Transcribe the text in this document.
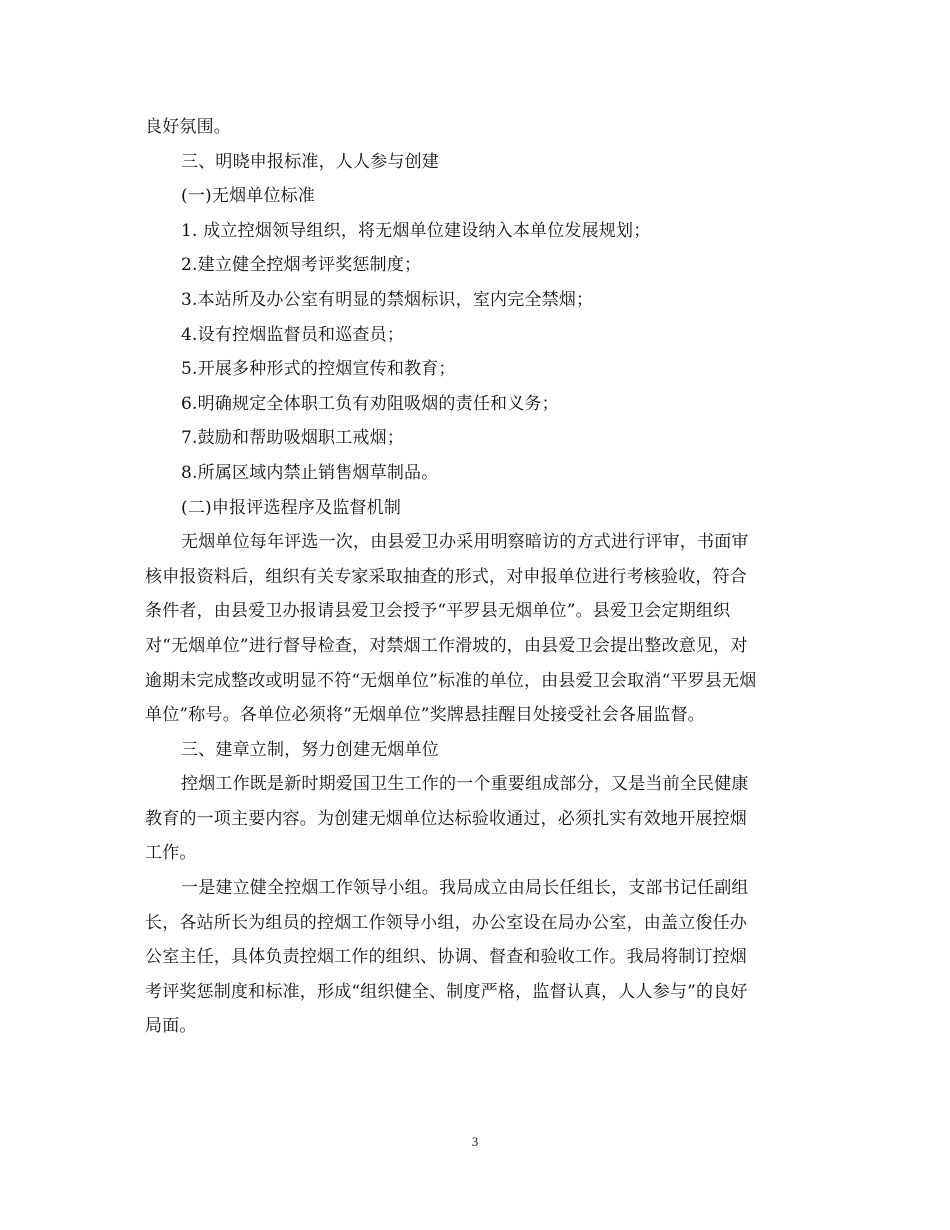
良好氛围。
三、明晓申报标准，人人参与创建
(一)无烟单位标准
1. 成立控烟领导组织，将无烟单位建设纳入本单位发展规划；
2.建立健全控烟考评奖惩制度；
3.本站所及办公室有明显的禁烟标识，室内完全禁烟；
4.设有控烟监督员和巡查员；
5.开展多种形式的控烟宣传和教育；
6.明确规定全体职工负有劝阻吸烟的责任和义务；
7.鼓励和帮助吸烟职工戒烟；
8.所属区域内禁止销售烟草制品。
(二)申报评选程序及监督机制
无烟单位每年评选一次，由县爱卫办采用明察暗访的方式进行评审，书面审
核申报资料后，组织有关专家采取抽查的形式，对申报单位进行考核验收，符合
条件者，由县爱卫办报请县爱卫会授予“平罗县无烟单位”。县爱卫会定期组织
对“无烟单位”进行督导检查，对禁烟工作滑坡的，由县爱卫会提出整改意见，对
逾期未完成整改或明显不符“无烟单位”标准的单位，由县爱卫会取消“平罗县无烟
单位”称号。各单位必须将“无烟单位”奖牌悬挂醒目处接受社会各届监督。
三、建章立制，努力创建无烟单位
控烟工作既是新时期爱国卫生工作的一个重要组成部分，又是当前全民健康
教育的一项主要内容。为创建无烟单位达标验收通过，必须扎实有效地开展控烟
工作。
一是建立健全控烟工作领导小组。我局成立由局长任组长，支部书记任副组
长，各站所长为组员的控烟工作领导小组，办公室设在局办公室，由盖立俊任办
公室主任，具体负责控烟工作的组织、协调、督查和验收工作。我局将制订控烟
考评奖惩制度和标准，形成“组织健全、制度严格，监督认真，人人参与”的良好
局面。
3
